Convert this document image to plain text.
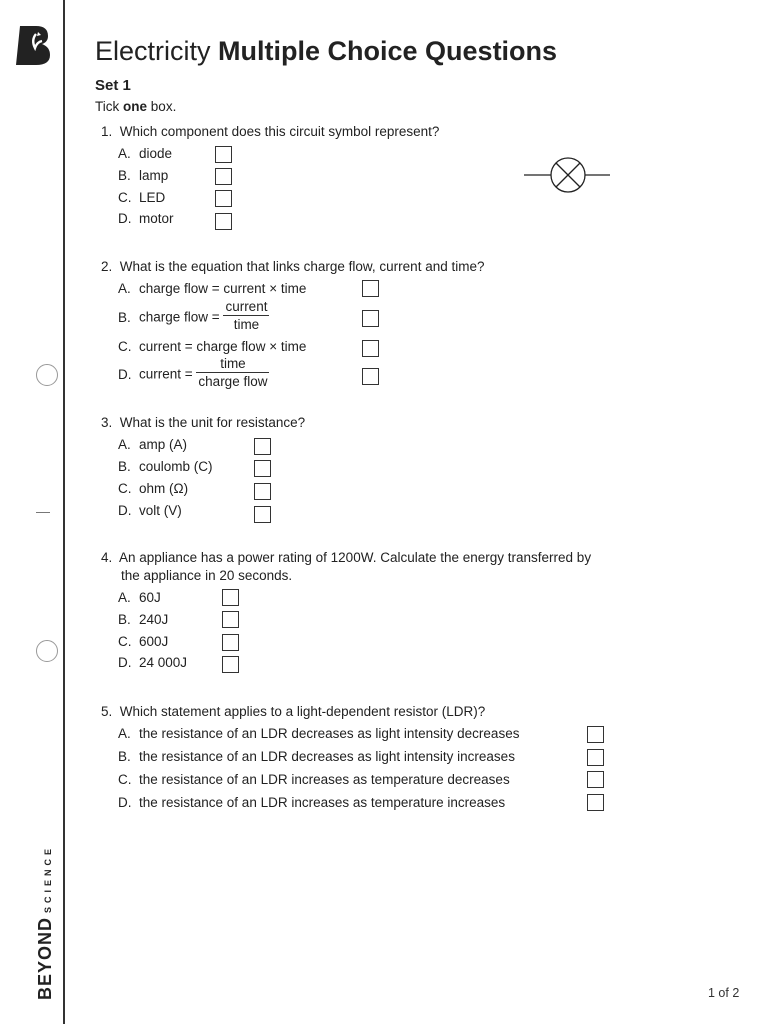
BEYONDSCIENCE
Electricity Multiple Choice Questions
Set 1
Tick one box.
1. Which component does this circuit symbol represent?
A. diode
B. lamp
C. LED
D. motor
2. What is the equation that links charge flow, current and time?
A. charge flow = current × time
B. charge flow = $\frac{\text{current}}{\text{time}}$
C. current = charge flow × time
D. current = $\frac{\text{time}}{\text{charge flow}}$
3. What is the unit for resistance?
A. amp (A)
B. coulomb (C)
C. ohm (Ω)
D. volt (V)
4. An appliance has a power rating of 1200W. Calculate the energy transferred by
the appliance in 20 seconds.
A. 60J
B. 240J
C. 600J
D. 24 000J
5. Which statement applies to a light-dependent resistor (LDR)?
A. the resistance of an LDR decreases as light intensity decreases
B. the resistance of an LDR decreases as light intensity increases
C. the resistance of an LDR increases as temperature decreases
D. the resistance of an LDR increases as temperature increases
1 of 2
